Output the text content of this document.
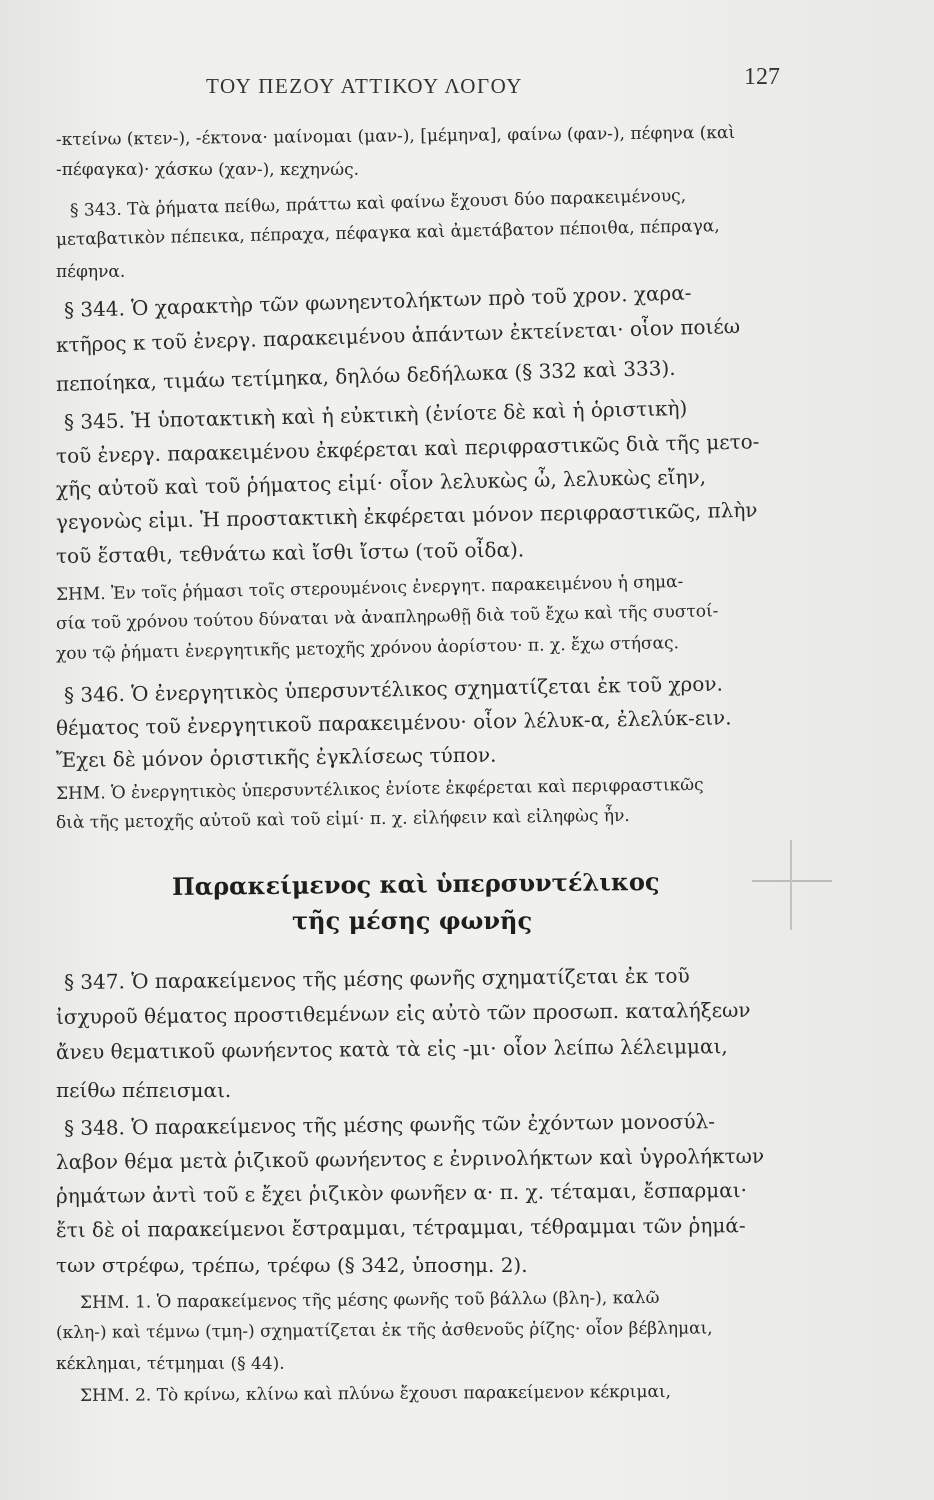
ΤΟΥ ΠΕΖΟΥ ΑΤΤΙΚΟΥ ΛΟΓΟΥ	127
-κτείνω (κτεν-), -έκτονα· μαίνομαι (μαν-), [μέμηνα], φαίνω (φαν-), πέφηνα (καὶ
-πέφαγκα)· χάσκω (χαν-), κεχηνώς.
§ 343. Τὰ ῥήματα πείθω, πράττω καὶ φαίνω ἔχουσι δύο παρακειμένους,
μεταβατικὸν πέπεικα, πέπραχα, πέφαγκα καὶ ἀμετάβατον πέποιθα, πέπραγα,
πέφηνα.
§ 344. Ὁ χαρακτὴρ τῶν φωνηεντολήκτων πρὸ τοῦ χρον. χαρα-
κτῆρος κ τοῦ ἐνεργ. παρακειμένου ἁπάντων ἐκτείνεται· οἷον ποιέω
πεποίηκα, τιμάω τετίμηκα, δηλόω δεδήλωκα (§ 332 καὶ 333).
§ 345. Ἡ ὑποτακτικὴ καὶ ἡ εὐκτικὴ (ἐνίοτε δὲ καὶ ἡ ὁριστικὴ)
τοῦ ἐνεργ. παρακειμένου ἐκφέρεται καὶ περιφραστικῶς διὰ τῆς μετο-
χῆς αὐτοῦ καὶ τοῦ ῥήματος εἰμί· οἷον λελυκὼς ὦ, λελυκὼς εἴην,
γεγονὼς εἰμι. Ἡ προστακτικὴ ἐκφέρεται μόνον περιφραστικῶς, πλὴν
τοῦ ἕσταθι, τεθνάτω καὶ ἴσθι ἴστω (τοῦ οἶδα).
ΣΗΜ. Ἐν τοῖς ῥήμασι τοῖς στερουμένοις ἐνεργητ. παρακειμένου ἡ σημα-
σία τοῦ χρόνου τούτου δύναται νὰ ἀναπληρωθῇ διὰ τοῦ ἔχω καὶ τῆς συστοί-
χου τῷ ῥήματι ἐνεργητικῆς μετοχῆς χρόνου ἀορίστου· π. χ. ἔχω στήσας.
§ 346. Ὁ ἐνεργητικὸς ὑπερσυντέλικος σχηματίζεται ἐκ τοῦ χρον.
θέματος τοῦ ἐνεργητικοῦ παρακειμένου· οἷον λέλυκ-α, ἐλελύκ-ειν.
Ἔχει δὲ μόνον ὁριστικῆς ἐγκλίσεως τύπον.
ΣΗΜ. Ὁ ἐνεργητικὸς ὑπερσυντέλικος ἐνίοτε ἐκφέρεται καὶ περιφραστικῶς
διὰ τῆς μετοχῆς αὐτοῦ καὶ τοῦ εἰμί· π. χ. εἰλήφειν καὶ εἰληφὼς ἦν.
Παρακείμενος καὶ ὑπερσυντέλικος
τῆς μέσης φωνῆς
§ 347. Ὁ παρακείμενος τῆς μέσης φωνῆς σχηματίζεται ἐκ τοῦ
ἰσχυροῦ θέματος προστιθεμένων εἰς αὐτὸ τῶν προσωπ. καταλήξεων
ἄνευ θεματικοῦ φωνήεντος κατὰ τὰ εἰς -μι· οἷον λείπω λέλειμμαι,
πείθω πέπεισμαι.
§ 348. Ὁ παρακείμενος τῆς μέσης φωνῆς τῶν ἐχόντων μονοσύλ-
λαβον θέμα μετὰ ῥιζικοῦ φωνήεντος ε ἐνρινολήκτων καὶ ὑγρολήκτων
ῥημάτων ἀντὶ τοῦ ε ἔχει ῥιζικὸν φωνῆεν α· π. χ. τέταμαι, ἔσπαρμαι·
ἔτι δὲ οἱ παρακείμενοι ἔστραμμαι, τέτραμμαι, τέθραμμαι τῶν ῥημά-
των στρέφω, τρέπω, τρέφω (§ 342, ὑποσημ. 2).
ΣΗΜ. 1. Ὁ παρακείμενος τῆς μέσης φωνῆς τοῦ βάλλω (βλη-), καλῶ
(κλη-) καὶ τέμνω (τμη-) σχηματίζεται ἐκ τῆς ἀσθενοῦς ῥίζης· οἷον βέβλημαι,
κέκλημαι, τέτμημαι (§ 44).
ΣΗΜ. 2. Τὸ κρίνω, κλίνω καὶ πλύνω ἔχουσι παρακείμενον κέκριμαι,
